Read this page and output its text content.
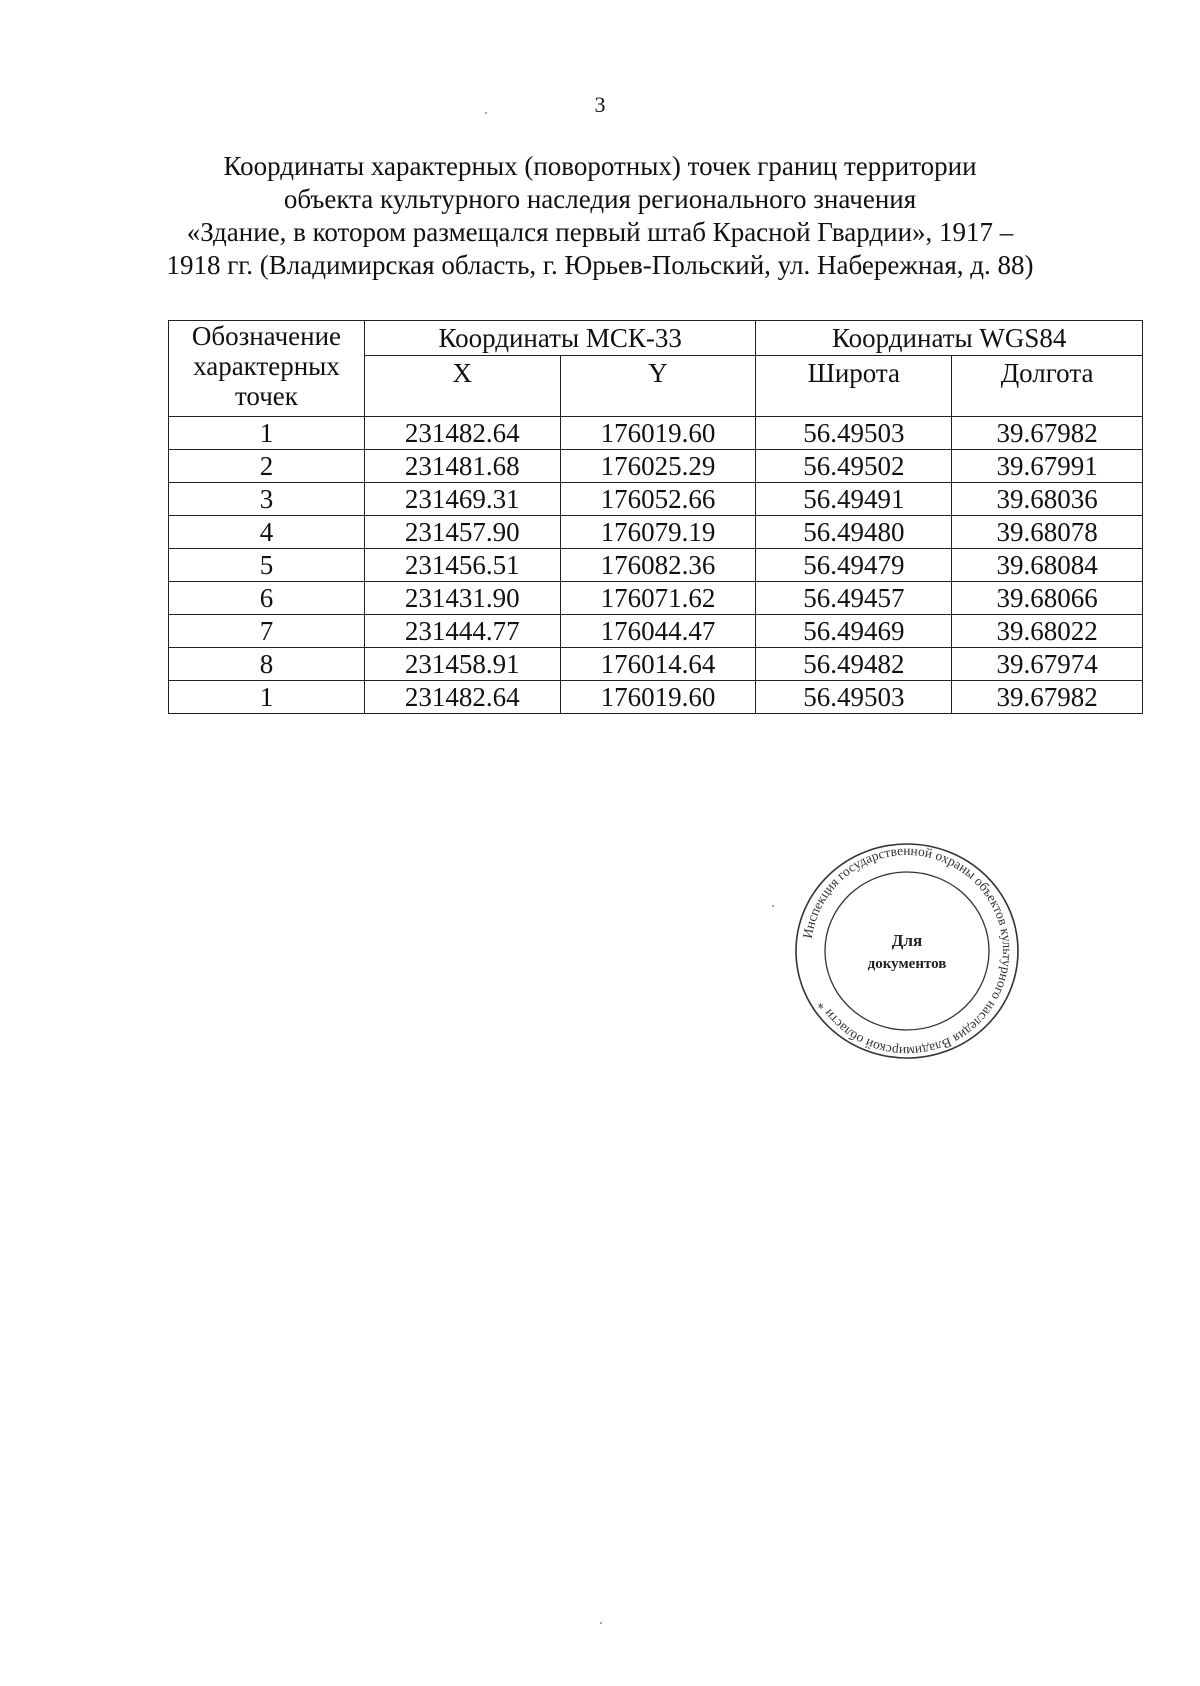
3
Координаты характерных (поворотных) точек границ территории
объекта культурного наследия регионального значения
«Здание, в котором размещался первый штаб Красной Гвардии», 1917 –
1918 гг. (Владимирская область, г. Юрьев-Польский, ул. Набережная, д. 88)
Обозначение характерных точек	Координаты МСК-33		Координаты WGS84	
	X	Y	Широта	Долгота
1	231482.64	176019.60	56.49503	39.67982
2	231481.68	176025.29	56.49502	39.67991
3	231469.31	176052.66	56.49491	39.68036
4	231457.90	176079.19	56.49480	39.68078
5	231456.51	176082.36	56.49479	39.68084
6	231431.90	176071.62	56.49457	39.68066
7	231444.77	176044.47	56.49469	39.68022
8	231458.91	176014.64	56.49482	39.67974
1	231482.64	176019.60	56.49503	39.67982
Инспекция государственной охраны объектов культурного наследия Владимирской области *
Для
документов
